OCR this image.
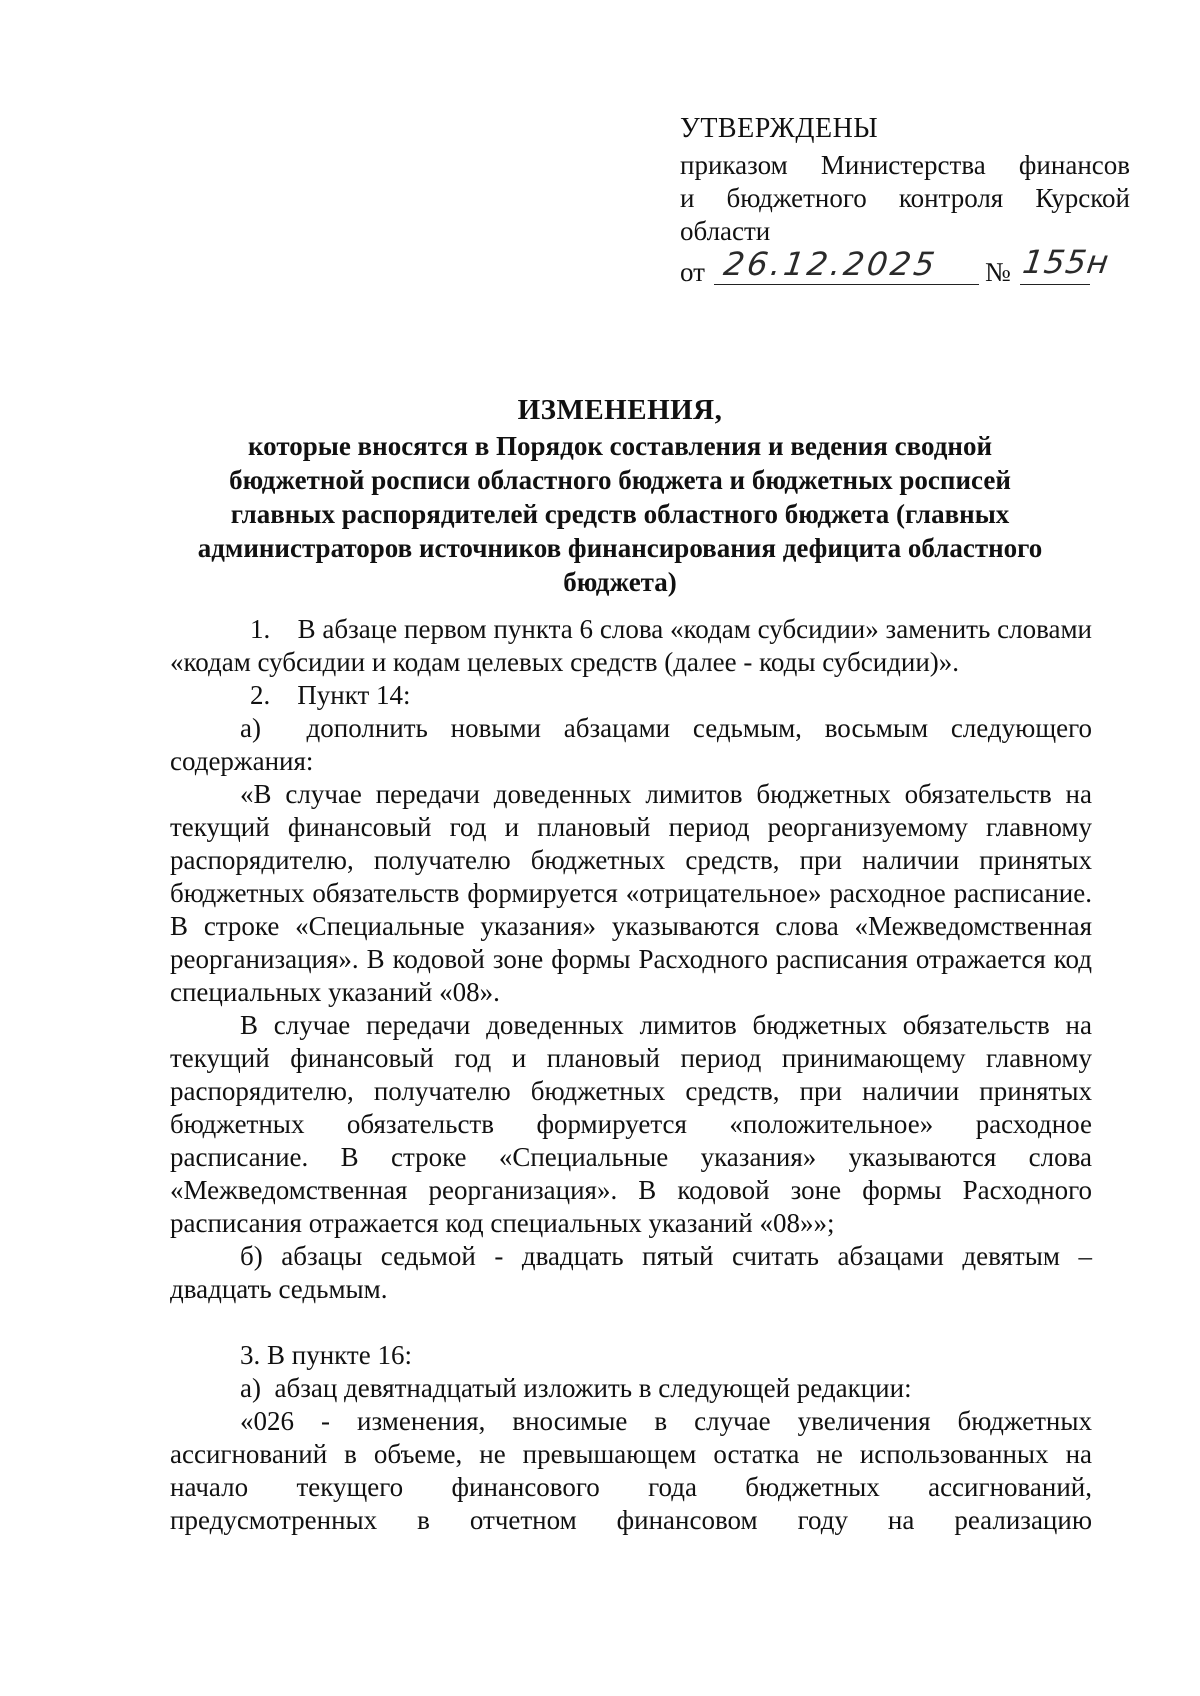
УТВЕРЖДЕНЫ
приказом Министерства финансов
и бюджетного контроля Курской
области
от 26.12.2025 № 155н
ИЗМЕНЕНИЯ,
которые вносятся в Порядок составления и ведения сводной
бюджетной росписи областного бюджета и бюджетных росписей
главных распорядителей средств областного бюджета (главных
администраторов источников финансирования дефицита областного
бюджета)

1.    В абзаце первом пункта 6 слова «кодам субсидии» заменить словами «кодам субсидии и кодам целевых средств (далее - коды субсидии)».

2.    Пункт 14:

а)  дополнить новыми абзацами седьмым, восьмым следующего содержания:

«В случае передачи доведенных лимитов бюджетных обязательств на текущий финансовый год и плановый период реорганизуемому главному распорядителю, получателю бюджетных средств, при наличии принятых бюджетных обязательств формируется «отрицательное» расходное расписание. В строке «Специальные указания» указываются слова «Межведомственная реорганизация». В кодовой зоне формы Расходного расписания отражается код специальных указаний «08».

В случае передачи доведенных лимитов бюджетных обязательств на текущий финансовый год и плановый период принимающему главному распорядителю, получателю бюджетных средств, при наличии принятых бюджетных обязательств формируется «положительное» расходное расписание. В строке «Специальные указания» указываются слова «Межведомственная реорганизация». В кодовой зоне формы Расходного расписания отражается код специальных указаний «08»»;

б) абзацы седьмой - двадцать пятый считать абзацами девятым – двадцать седьмым.

3. В пункте 16:

а)  абзац девятнадцатый изложить в следующей редакции:

«026 - изменения, вносимые в случае увеличения бюджетных ассигнований в объеме, не превышающем остатка не использованных на начало текущего финансового года бюджетных ассигнований, предусмотренных в отчетном финансовом году на реализацию
